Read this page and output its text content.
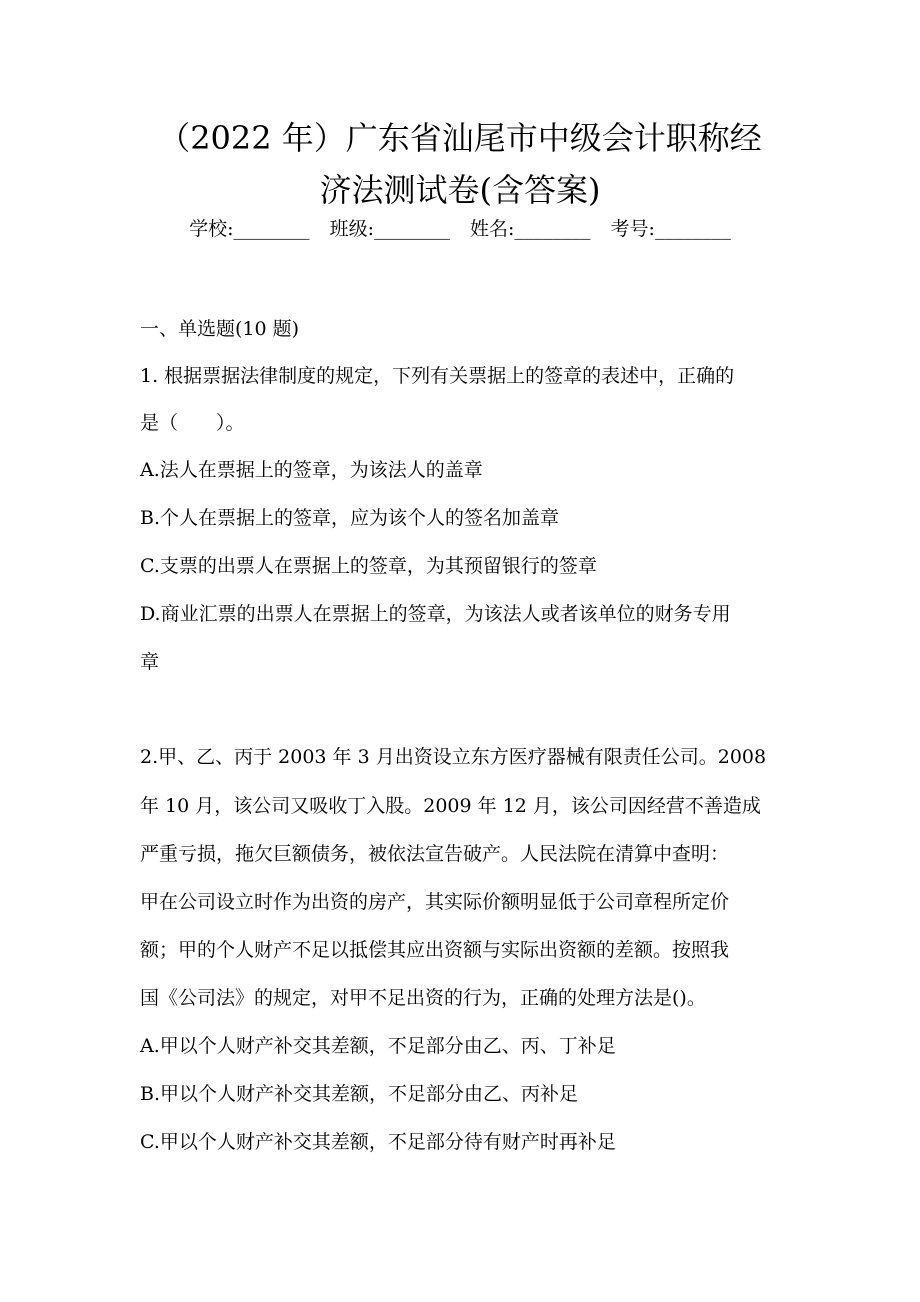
（2022 年）广东省汕尾市中级会计职称经
济法测试卷(含答案)
学校:________ 班级:________ 姓名:________ 考号:________
一、单选题(10 题)
1. 根据票据法律制度的规定，下列有关票据上的签章的表述中，正确的
是（　　）。
A.法人在票据上的签章，为该法人的盖章
B.个人在票据上的签章，应为该个人的签名加盖章
C.支票的出票人在票据上的签章，为其预留银行的签章
D.商业汇票的出票人在票据上的签章，为该法人或者该单位的财务专用
章
2.甲、乙、丙于 2003 年 3 月出资设立东方医疗器械有限责任公司。2008
年 10 月，该公司又吸收丁入股。2009 年 12 月，该公司因经营不善造成
严重亏损，拖欠巨额债务，被依法宣告破产。人民法院在清算中查明：
甲在公司设立时作为出资的房产，其实际价额明显低于公司章程所定价
额；甲的个人财产不足以抵偿其应出资额与实际出资额的差额。按照我
国《公司法》的规定，对甲不足出资的行为，正确的处理方法是()。
A.甲以个人财产补交其差额，不足部分由乙、丙、丁补足
B.甲以个人财产补交其差额，不足部分由乙、丙补足
C.甲以个人财产补交其差额，不足部分待有财产时再补足
